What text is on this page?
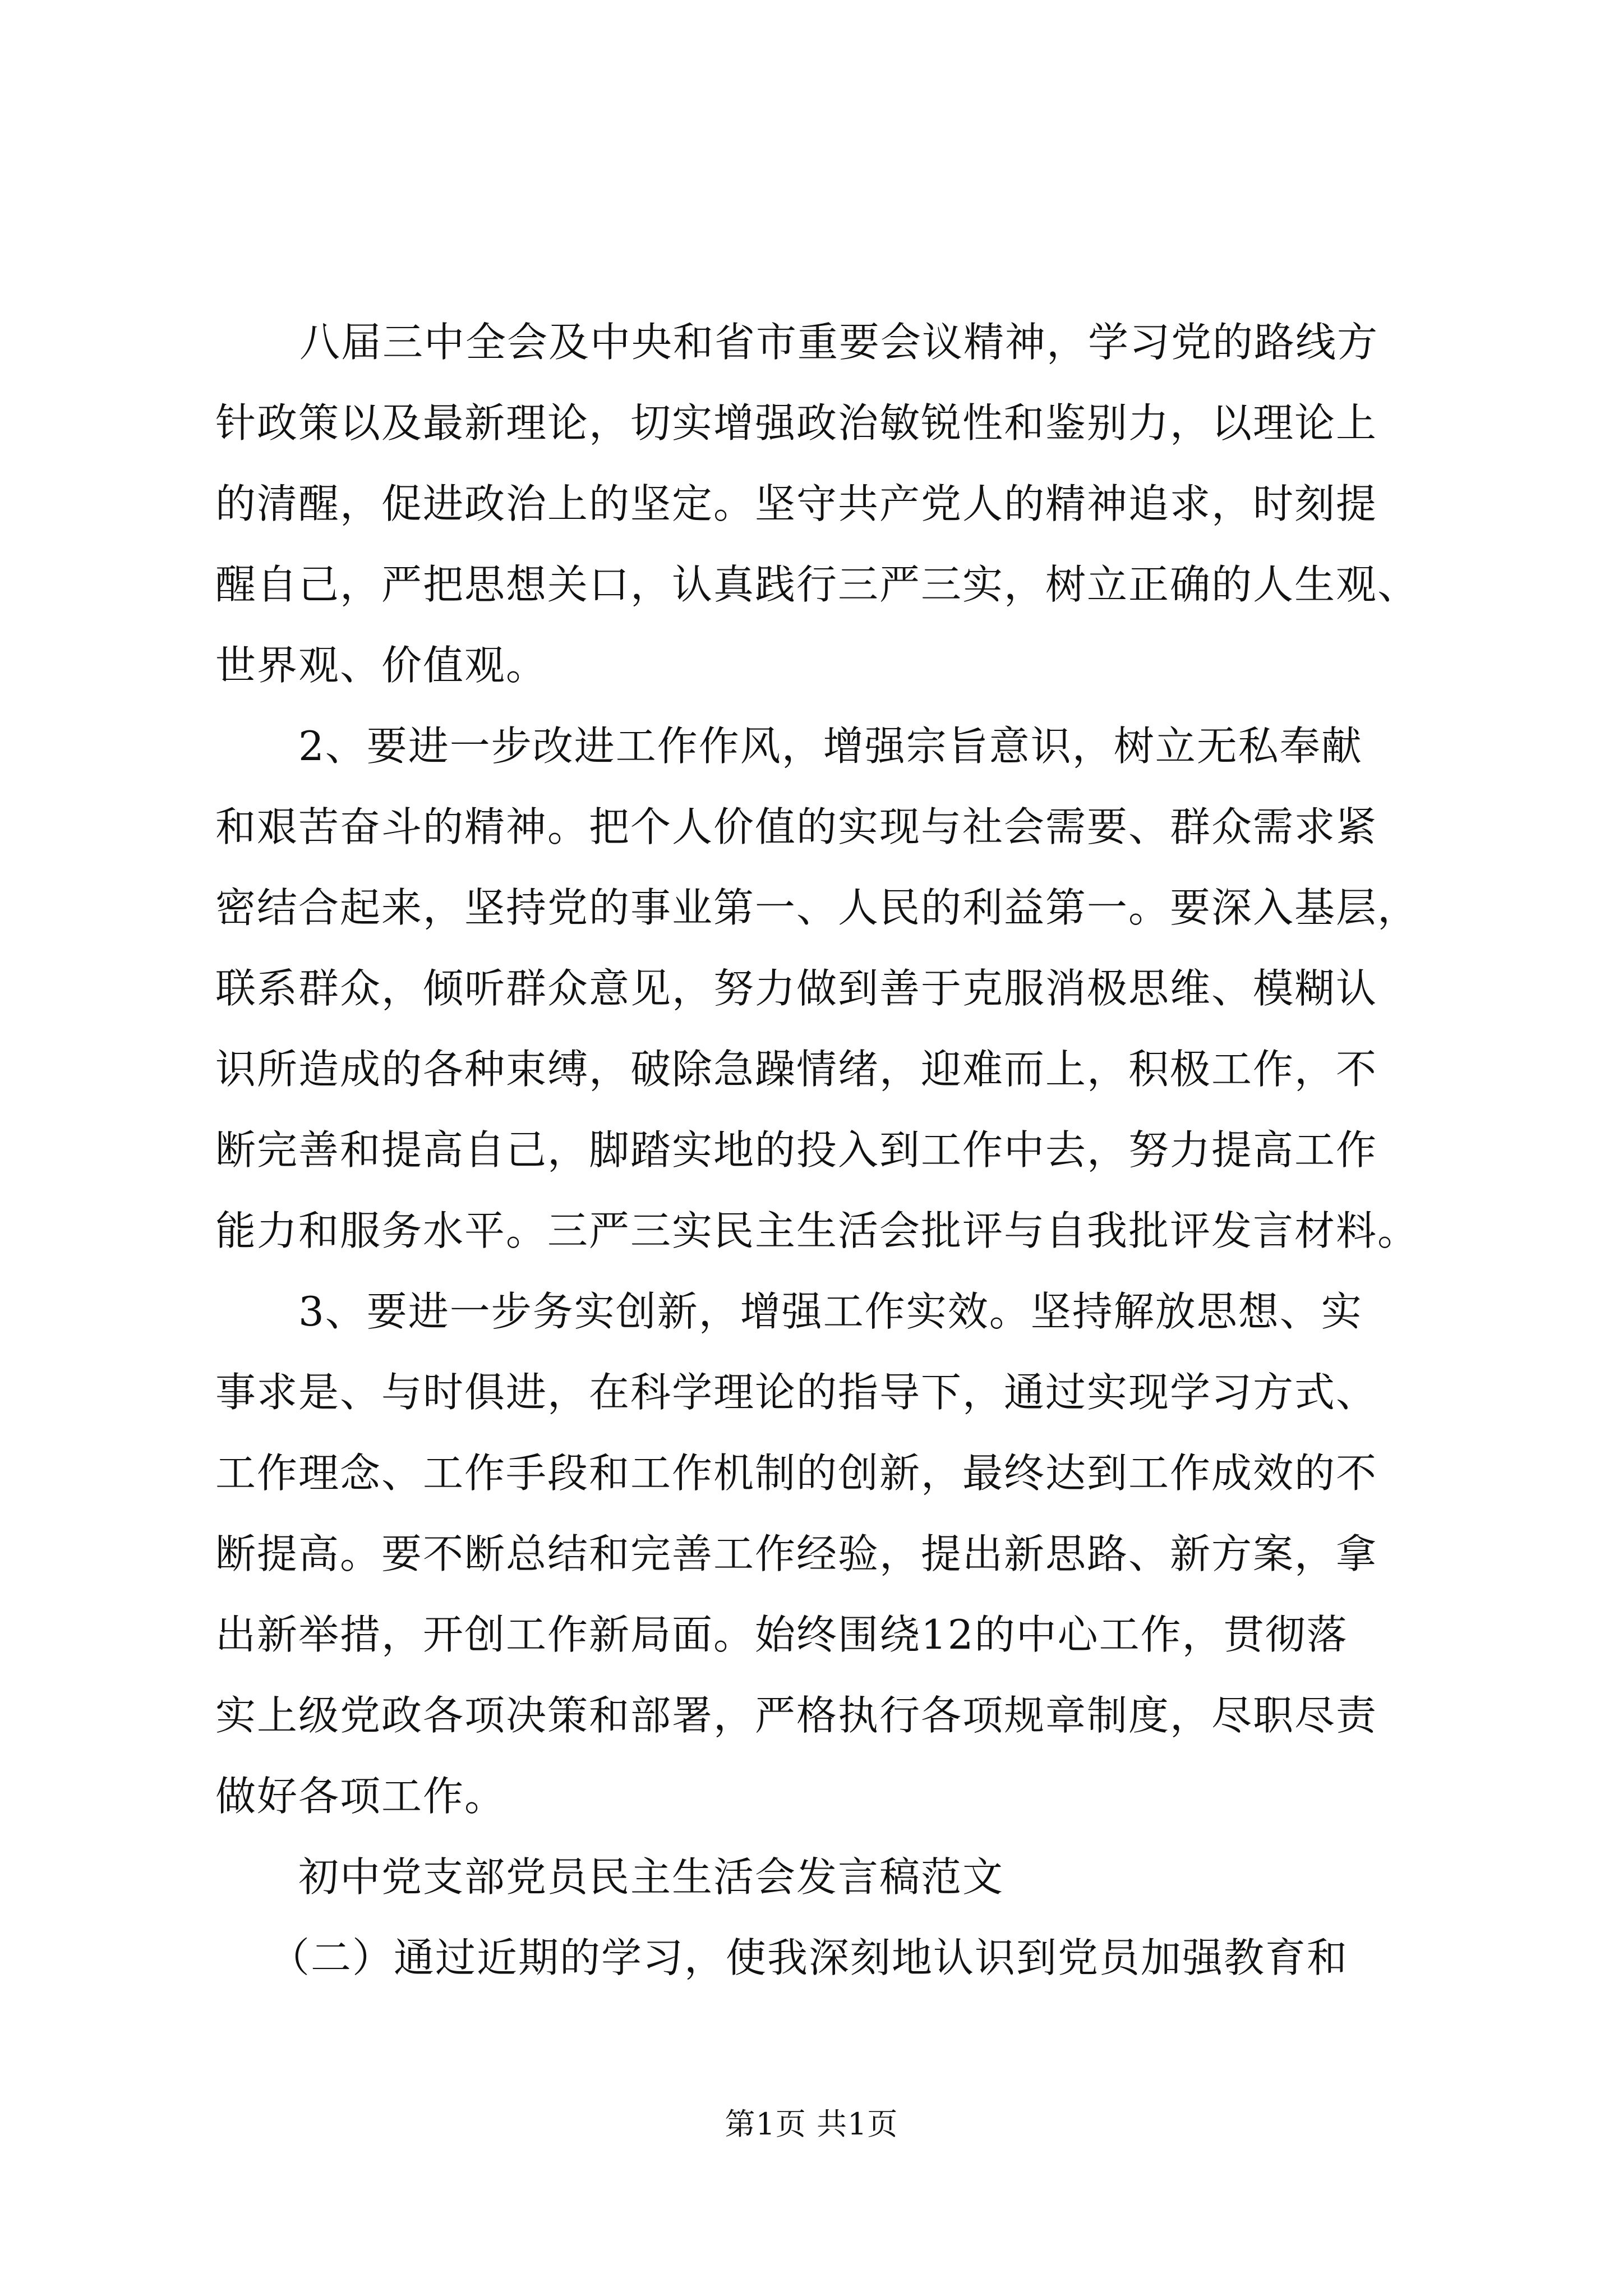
八届三中全会及中央和省市重要会议精神，学习党的路线方
针政策以及最新理论，切实增强政治敏锐性和鉴别力，以理论上
的清醒，促进政治上的坚定。坚守共产党人的精神追求，时刻提
醒自己，严把思想关口，认真践行三严三实，树立正确的人生观、
世界观、价值观。
2、要进一步改进工作作风，增强宗旨意识，树立无私奉献
和艰苦奋斗的精神。把个人价值的实现与社会需要、群众需求紧
密结合起来，坚持党的事业第一、人民的利益第一。要深入基层，
联系群众，倾听群众意见，努力做到善于克服消极思维、模糊认
识所造成的各种束缚，破除急躁情绪，迎难而上，积极工作，不
断完善和提高自己，脚踏实地的投入到工作中去，努力提高工作
能力和服务水平。三严三实民主生活会批评与自我批评发言材料。
3、要进一步务实创新，增强工作实效。坚持解放思想、实
事求是、与时俱进，在科学理论的指导下，通过实现学习方式、
工作理念、工作手段和工作机制的创新，最终达到工作成效的不
断提高。要不断总结和完善工作经验，提出新思路、新方案，拿
出新举措，开创工作新局面。始终围绕12的中心工作，贯彻落
实上级党政各项决策和部署，严格执行各项规章制度，尽职尽责
做好各项工作。
初中党支部党员民主生活会发言稿范文
（二）通过近期的学习，使我深刻地认识到党员加强教育和
第1页 共1页
